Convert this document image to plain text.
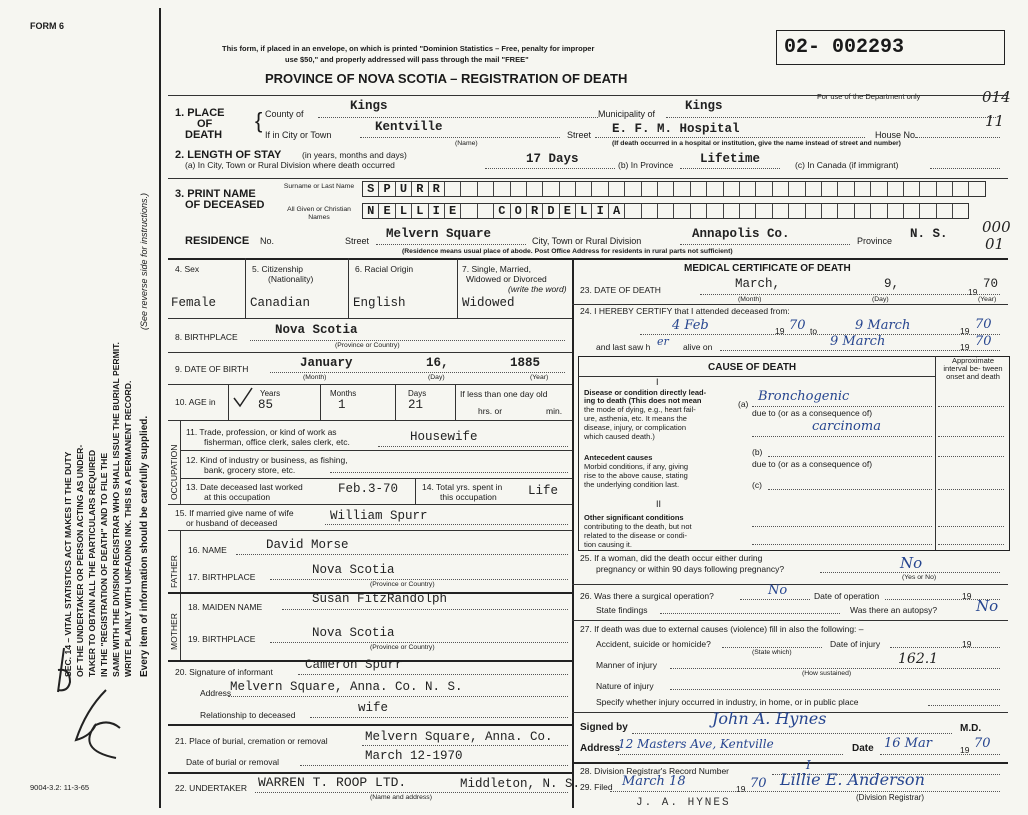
FORM 6
SEC. 14 – VITAL STATISTICS ACT MAKES IT THE DUTY OF THE UNDERTAKER OR PERSON ACTING AS UNDER- TAKER TO OBTAIN ALL THE PARTICULARS REQUIRED IN THE "REGISTRATION OF DEATH" AND TO FILE THE SAME WITH THE DIVISION REGISTRAR WHO SHALL ISSUE THE BURIAL PERMIT. WRITE PLAINLY WITH UNFADING INK. THIS IS A PERMANENT RECORD. Every item of information should be carefully supplied.
(See reverse side for instructions.)
9004-3.2: 11-3-65
This form, if placed in an envelope, on which is printed "Dominion Statistics – Free, penalty for improper
use $50," and properly addressed will pass through the mail "FREE"
PROVINCE OF NOVA SCOTIA – REGISTRATION OF DEATH
02- 002293
For use of the Department only	014
11
000
01
1. PLACE
OF
DEATH
{ County of
Kings
Municipality of
Kings
If in City or Town
Kentville
(Name)
Street E. F. M. Hospital	House No.
(If death occurred in a hospital or institution, give the name instead of street and number)
2. LENGTH OF STAY (in years, months and days)
(a) In City, Town or Rural Division where death occurred	17 Days	(b) In Province Lifetime	(c) In Canada (if immigrant)
3. PRINT NAME
OF DECEASED
Surname or Last Name
All Given or Christian Names
S P U R R
N E L L I E	C O R D E L I A
RESIDENCE No.	Street Melvern Square	City, Town or Rural Division	Annapolis Co.	Province N. S.
(Residence means usual place of abode. Post Office Address for residents in rural parts not sufficient)
4. Sex
Female
5. Citizenship
(Nationality)
Canadian
6. Racial Origin
English
7. Single, Married,
Widowed or Divorced
(write the word)
Widowed
8. BIRTHPLACE	Nova Scotia
(Province or Country)
9. DATE OF BIRTH	January	16,	1885
(Month)	(Day)	(Year)
10. AGE in
Years
85
Months
1
Days
21
If less than one day old
hrs. or	min.
OCCUPATION
11. Trade, profession, or kind of work as
fisherman, office clerk, sales clerk, etc.	Housewife
12. Kind of industry or business, as fishing,
bank, grocery store, etc.
13. Date deceased last worked
at this occupation
Feb.3-70	14. Total yrs. spent in
this occupation	Life
15. If married give name of wife
or husband of deceased	William Spurr
FATHER
16. NAME	David Morse
17. BIRTHPLACE	Nova Scotia
(Province or Country)
MOTHER
18. MAIDEN NAME
Susan FitzRandolph
19. BIRTHPLACE	Nova Scotia
(Province or Country)
20. Signature of informant	Cameron Spurr
Address
Melvern Square, Anna. Co. N. S.
Relationship to deceased	wife
21. Place of burial, cremation or removal	Melvern Square, Anna. Co.
Date of burial or removal	March 12-1970
22. UNDERTAKER WARREN T. ROOP LTD.	Middleton, N. S.
(Name and address)
MEDICAL CERTIFICATE OF DEATH
23. DATE OF DEATH	March,	9,
19
70
(Month)	(Day)	(Year)
24. I HEREBY CERTIFY that I attended deceased from:
4 Feb	19 70 to	9 March	19 70
and last saw h er alive on	9 March	19 70
CAUSE OF DEATH
Approximate interval be- tween onset and death
I
Disease or condition directly lead-
ing to death (This does not mean
the mode of dying, e.g., heart fail-
ure, asthenia, etc. It means the
disease, injury, or complication
which caused death.)
(a) Bronchogenic
due to (or as a consequence of)
carcinoma
Antecedent causes
Morbid conditions, if any, giving
rise to the above cause, stating
the underlying condition last.
(b)
due to (or as a consequence of)
(c)
II
Other significant conditions
contributing to the death, but not
related to the disease or condi-
tion causing it.
25. If a woman, did the death occur either during
pregnancy or within 90 days following pregnancy?	No
(Yes or No)
26. Was there a surgical operation?	No	Date of operation	19
State findings	Was there an autopsy?	No
27. If death was due to external causes (violence) fill in also the following: –
Accident, suicide or homicide?
(State which)
Date of injury	19
162.1
Manner of injury
(How sustained)
Nature of injury
Specify whether injury occurred in industry, in home, or in public place
Signed by	John A. Hynes
M.D.
Address
12 Masters Ave, Kentville	Date 16 Mar	19 70
28. Division Registrar's Record Number	I
29. Filed March 18	19 70 Lillie E. Anderson
(Division Registrar)
J. A. HYNES
